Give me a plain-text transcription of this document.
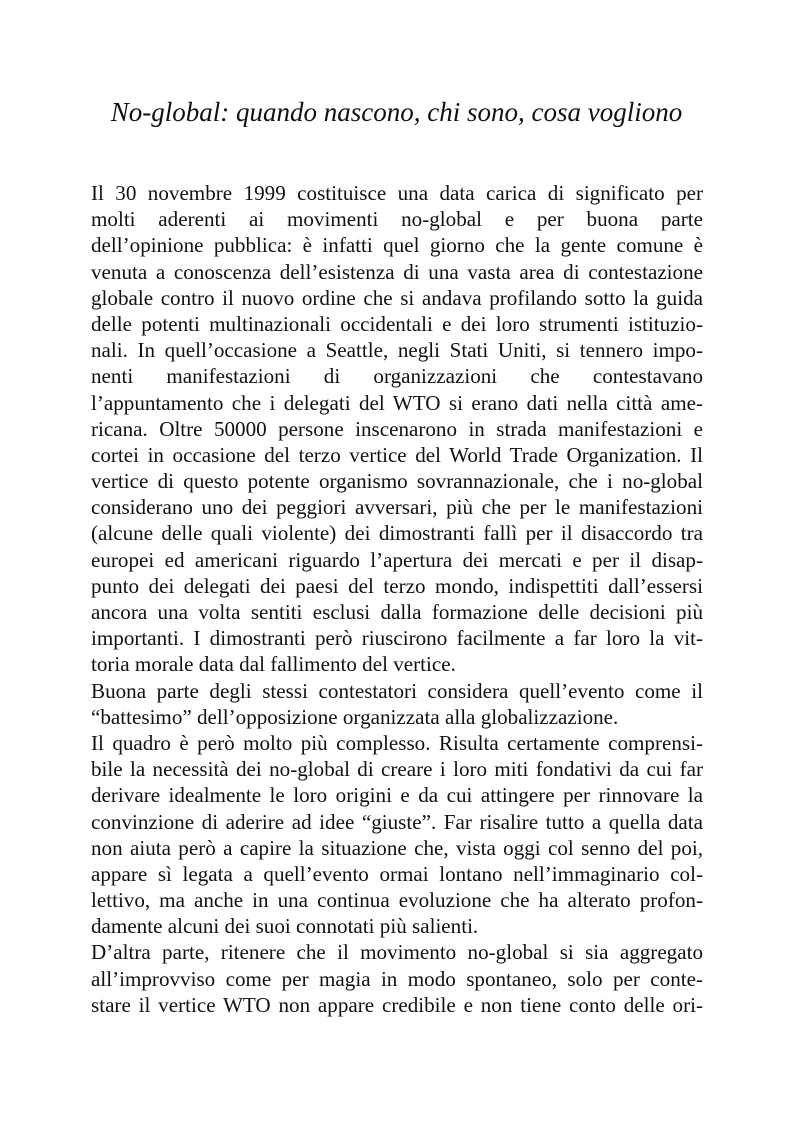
No-global: quando nascono, chi sono, cosa vogliono

Il 30 novembre 1999 costituisce una data carica di significato per
molti aderenti ai movimenti no-global e per buona parte
dell’opinione pubblica: è infatti quel giorno che la gente comune è
venuta a conoscenza dell’esistenza di una vasta area di contestazione
globale contro il nuovo ordine che si andava profilando sotto la guida
delle potenti multinazionali occidentali e dei loro strumenti istituzio-
nali. In quell’occasione a Seattle, negli Stati Uniti, si tennero impo-
nenti manifestazioni di organizzazioni che contestavano
l’appuntamento che i delegati del WTO si erano dati nella città ame-
ricana. Oltre 50000 persone inscenarono in strada manifestazioni e
cortei in occasione del terzo vertice del World Trade Organization. Il
vertice di questo potente organismo sovrannazionale, che i no-global
considerano uno dei peggiori avversari, più che per le manifestazioni
(alcune delle quali violente) dei dimostranti fallì per il disaccordo tra
europei ed americani riguardo l’apertura dei mercati e per il disap-
punto dei delegati dei paesi del terzo mondo, indispettiti dall’essersi
ancora una volta sentiti esclusi dalla formazione delle decisioni più
importanti. I dimostranti però riuscirono facilmente a far loro la vit-
toria morale data dal fallimento del vertice.

Buona parte degli stessi contestatori considera quell’evento come il
“battesimo” dell’opposizione organizzata alla globalizzazione.

Il quadro è però molto più complesso. Risulta certamente comprensi-
bile la necessità dei no-global di creare i loro miti fondativi da cui far
derivare idealmente le loro origini e da cui attingere per rinnovare la
convinzione di aderire ad idee “giuste”. Far risalire tutto a quella data
non aiuta però a capire la situazione che, vista oggi col senno del poi,
appare sì legata a quell’evento ormai lontano nell’immaginario col-
lettivo, ma anche in una continua evoluzione che ha alterato profon-
damente alcuni dei suoi connotati più salienti.

D’altra parte, ritenere che il movimento no-global si sia aggregato
all’improvviso come per magia in modo spontaneo, solo per conte-
stare il vertice WTO non appare credibile e non tiene conto delle ori-
